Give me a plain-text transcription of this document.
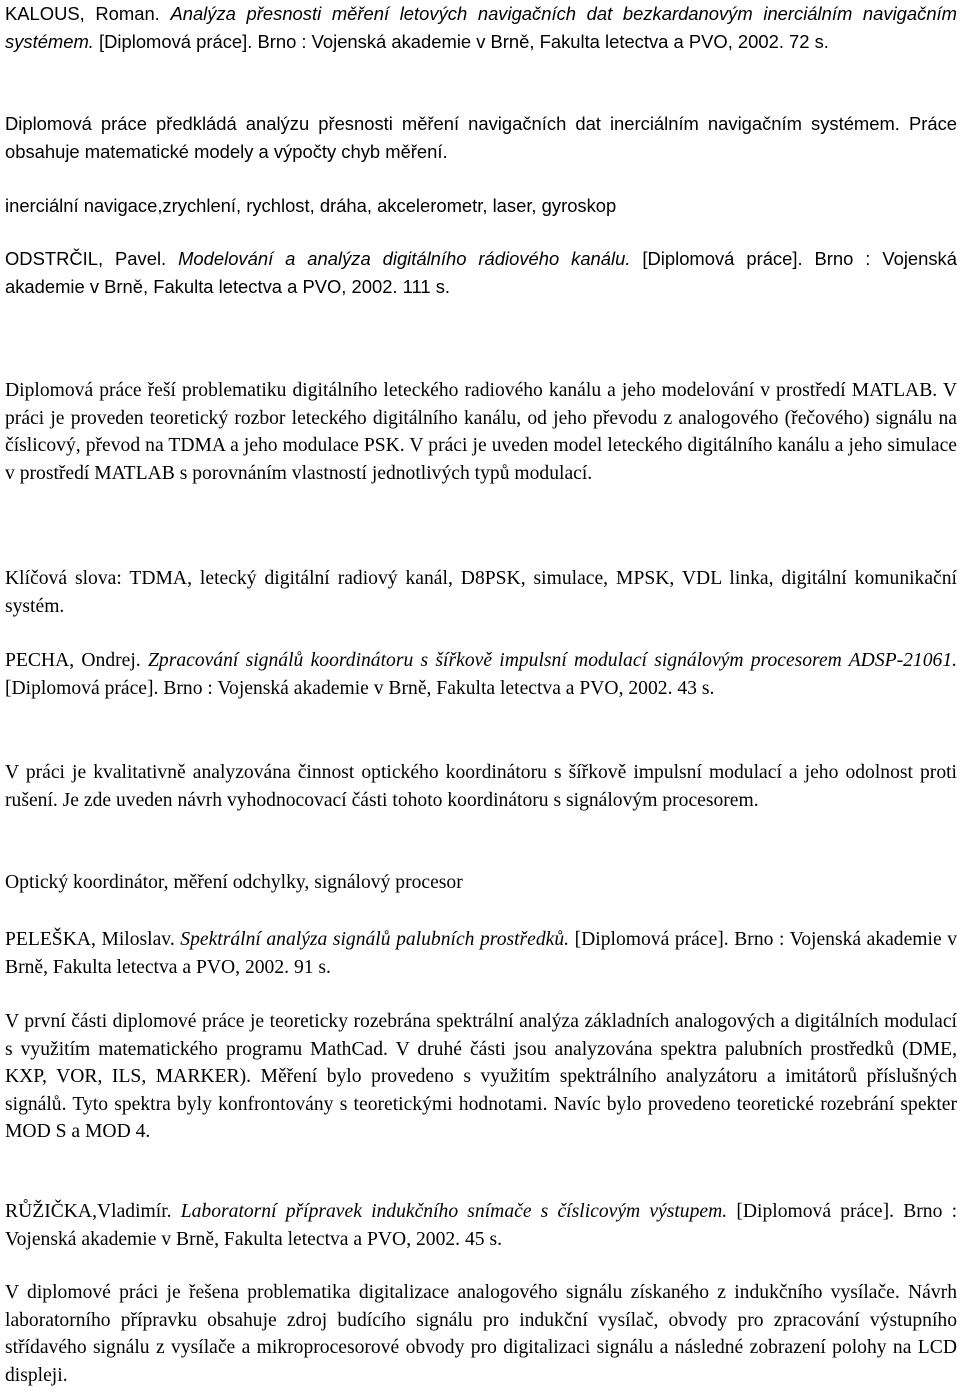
KALOUS, Roman. Analýza přesnosti měření letových navigačních dat bezkardanovým inerciálním navigačním systémem. [Diplomová práce]. Brno : Vojenská akademie v Brně, Fakulta letectva a PVO, 2002. 72 s.

Diplomová práce předkládá analýzu přesnosti měření navigačních dat inerciálním navigačním systémem. Práce obsahuje matematické modely a výpočty chyb měření.

inerciální navigace,zrychlení, rychlost, dráha, akcelerometr, laser, gyroskop

ODSTRČIL, Pavel. Modelování a analýza digitálního rádiového kanálu. [Diplomová práce]. Brno : Vojenská akademie v Brně, Fakulta letectva a PVO, 2002. 111 s.

Diplomová práce řeší problematiku digitálního leteckého radiového kanálu a jeho modelování v prostředí MATLAB. V práci je proveden teoretický rozbor leteckého digitálního kanálu, od jeho převodu z analogového (řečového) signálu na číslicový, převod na TDMA a jeho modulace PSK. V práci je uveden model leteckého digitálního kanálu a jeho simulace v prostředí MATLAB s porovnáním vlastností jednotlivých typů modulací.

Klíčová slova: TDMA, letecký digitální radiový kanál, D8PSK, simulace, MPSK, VDL linka, digitální komunikační systém.

PECHA, Ondrej. Zpracování signálů koordinátoru s šířkově impulsní modulací signálovým procesorem ADSP-21061. [Diplomová práce]. Brno : Vojenská akademie v Brně, Fakulta letectva a PVO, 2002. 43 s.

V práci je kvalitativně analyzována činnost optického koordinátoru s šířkově impulsní modulací a jeho odolnost proti rušení. Je zde uveden návrh vyhodnocovací části tohoto koordinátoru s signálovým procesorem.

Optický koordinátor, měření odchylky, signálový procesor

PELEŠKA, Miloslav. Spektrální analýza signálů palubních prostředků. [Diplomová práce]. Brno : Vojenská akademie v Brně, Fakulta letectva a PVO, 2002. 91 s.

V první části diplomové práce je teoreticky rozebrána spektrální analýza základních analogových a digitálních modulací s využitím matematického programu MathCad. V druhé části jsou analyzována spektra palubních prostředků (DME, KXP, VOR, ILS, MARKER). Měření bylo provedeno s využitím spektrálního analyzátoru a imitátorů příslušných signálů. Tyto spektra byly konfrontovány s teoretickými hodnotami. Navíc bylo provedeno teoretické rozebrání spekter MOD S a MOD 4.

RŮŽIČKA,Vladimír. Laboratorní přípravek indukčního snímače s číslicovým výstupem. [Diplomová práce]. Brno : Vojenská akademie v Brně, Fakulta letectva a PVO, 2002. 45 s.

V diplomové práci je řešena problematika digitalizace analogového signálu získaného z indukčního vysílače. Návrh laboratorního přípravku obsahuje zdroj budícího signálu pro indukční vysílač, obvody pro zpracování výstupního střídavého signálu z vysílače a mikroprocesorové obvody pro digitalizaci signálu a následné zobrazení polohy na LCD displeji.
